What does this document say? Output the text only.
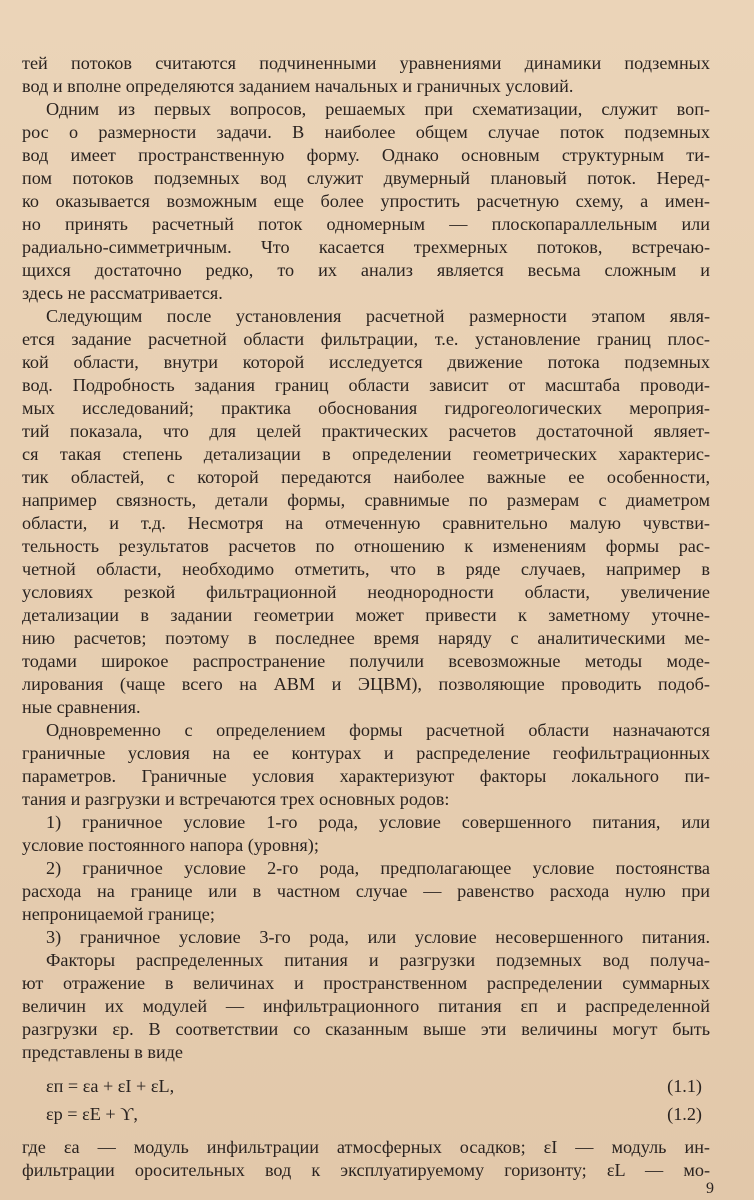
тей потоков считаются подчиненными уравнениями динамики подземных
вод и вполне определяются заданием начальных и граничных условий.
Одним из первых вопросов, решаемых при схематизации, служит воп-
рос о размерности задачи. В наиболее общем случае поток подземных
вод имеет пространственную форму. Однако основным структурным ти-
пом потоков подземных вод служит двумерный плановый поток. Неред-
ко оказывается возможным еще более упростить расчетную схему, а имен-
но принять расчетный поток одномерным — плоскопараллельным или
радиально-симметричным. Что касается трехмерных потоков, встречаю-
щихся достаточно редко, то их анализ является весьма сложным и
здесь не рассматривается.
Следующим после установления расчетной размерности этапом явля-
ется задание расчетной области фильтрации, т.е. установление границ плос-
кой области, внутри которой исследуется движение потока подземных
вод. Подробность задания границ области зависит от масштаба проводи-
мых исследований; практика обоснования гидрогеологических мероприя-
тий показала, что для целей практических расчетов достаточной являет-
ся такая степень детализации в определении геометрических характерис-
тик областей, с которой передаются наиболее важные ее особенности,
например связность, детали формы, сравнимые по размерам с диаметром
области, и т.д. Несмотря на отмеченную сравнительно малую чувстви-
тельность результатов расчетов по отношению к изменениям формы рас-
четной области, необходимо отметить, что в ряде случаев, например в
условиях резкой фильтрационной неоднородности области, увеличение
детализации в задании геометрии может привести к заметному уточне-
нию расчетов; поэтому в последнее время наряду с аналитическими ме-
тодами широкое распространение получили всевозможные методы моде-
лирования (чаще всего на АВМ и ЭЦВМ), позволяющие проводить подоб-
ные сравнения.
Одновременно с определением формы расчетной области назначаются
граничные условия на ее контурах и распределение геофильтрационных
параметров. Граничные условия характеризуют факторы локального пи-
тания и разгрузки и встречаются трех основных родов:
1) граничное условие 1-го рода, условие совершенного питания, или
условие постоянного напора (уровня);
2) граничное условие 2-го рода, предполагающее условие постоянства
расхода на границе или в частном случае — равенство расхода нулю при
непроницаемой границе;
3) граничное условие 3-го рода, или условие несовершенного питания.
Факторы распределенных питания и разгрузки подземных вод получа-
ют отражение в величинах и пространственном распределении суммарных
величин их модулей — инфильтрационного питания εп и распределенной
разгрузки εр. В соответствии со сказанным выше эти величины могут быть
представлены в виде
εп = εа + εI + εL,	(1.1)
εр = εE + ϒ,	(1.2)
где εа — модуль инфильтрации атмосферных осадков; εI — модуль ин-
фильтрации оросительных вод к эксплуатируемому горизонту; εL — мо-
9
